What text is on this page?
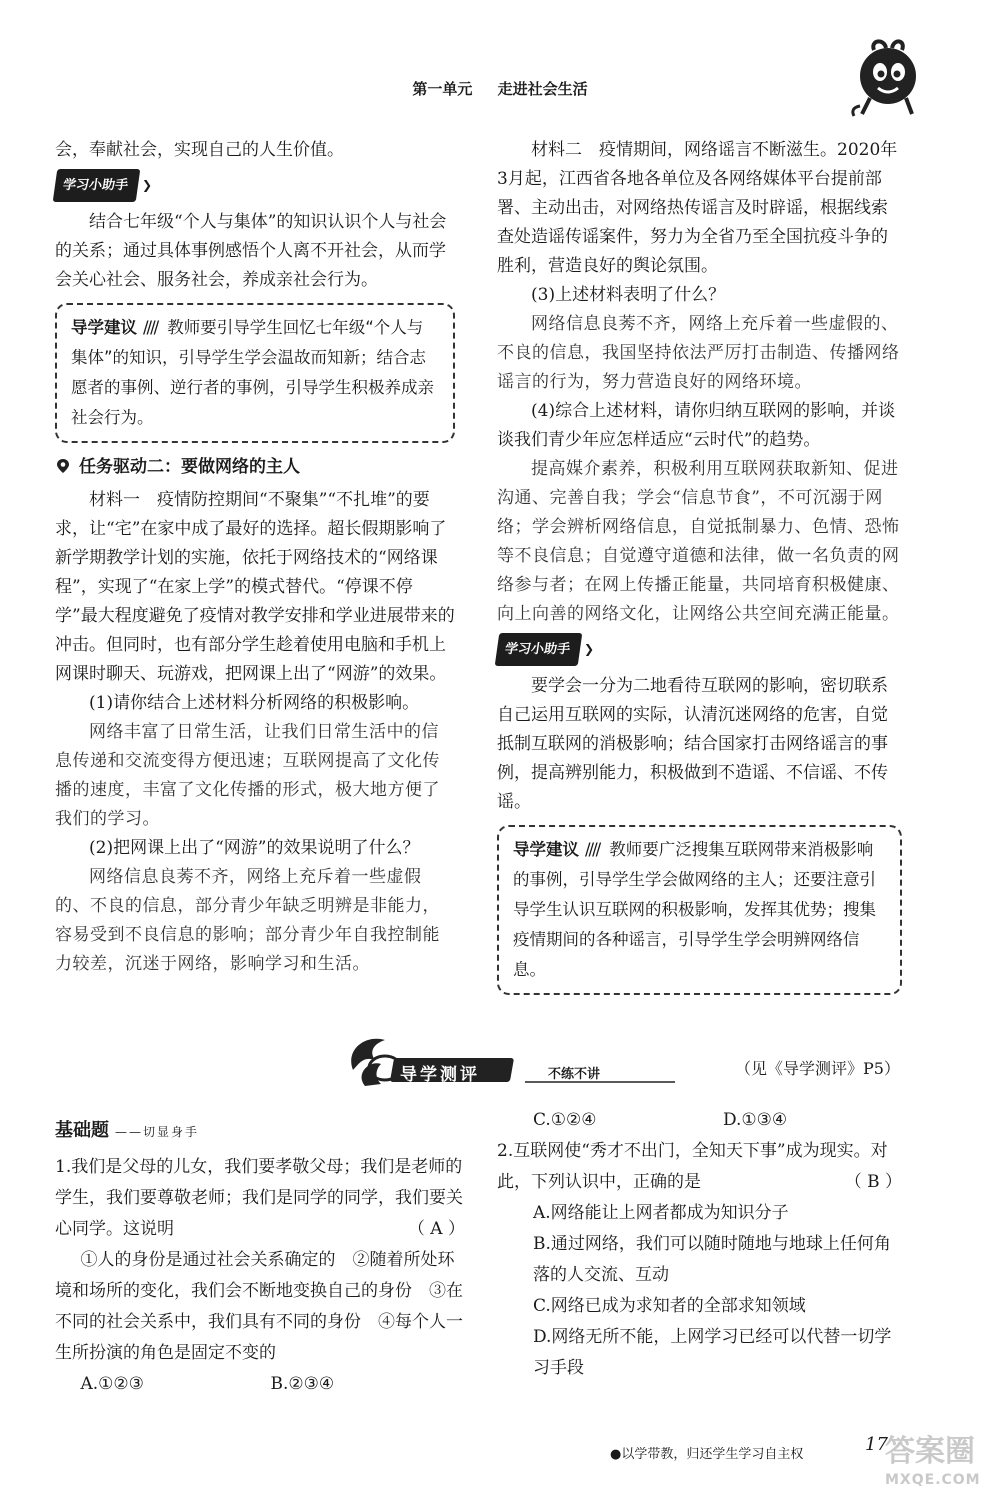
第一单元 走进社会生活

会，奉献社会，实现自己的人生价值。

学习小助手 ❯

结合七年级“个人与集体”的知识认识个人与社会的关系；通过具体事例感悟个人离不开社会，从而学会关心社会、服务社会，养成亲社会行为。

导学建议 //// 教师要引导学生回忆七年级“个人与集体”的知识，引导学生学会温故而知新；结合志愿者的事例、逆行者的事例，引导学生积极养成亲社会行为。
任务驱动二：要做网络的主人

材料一　疫情防控期间“不聚集”“不扎堆”的要求，让“宅”在家中成了最好的选择。超长假期影响了新学期教学计划的实施，依托于网络技术的“网络课程”，实现了“在家上学”的模式替代。“停课不停学”最大程度避免了疫情对教学安排和学业进展带来的冲击。但同时，也有部分学生趁着使用电脑和手机上网课时聊天、玩游戏，把网课上出了“网游”的效果。

(1)请你结合上述材料分析网络的积极影响。

网络丰富了日常生活，让我们日常生活中的信息传递和交流变得方便迅速；互联网提高了文化传播的速度，丰富了文化传播的形式，极大地方便了我们的学习。

(2)把网课上出了“网游”的效果说明了什么？

网络信息良莠不齐，网络上充斥着一些虚假的、不良的信息，部分青少年缺乏明辨是非能力，容易受到不良信息的影响；部分青少年自我控制能力较差，沉迷于网络，影响学习和生活。

材料二　疫情期间，网络谣言不断滋生。2020年3月起，江西省各地各单位及各网络媒体平台提前部署、主动出击，对网络热传谣言及时辟谣，根据线索查处造谣传谣案件，努力为全省乃至全国抗疫斗争的胜利，营造良好的舆论氛围。

(3)上述材料表明了什么？

网络信息良莠不齐，网络上充斥着一些虚假的、不良的信息，我国坚持依法严厉打击制造、传播网络谣言的行为，努力营造良好的网络环境。

(4)综合上述材料，请你归纳互联网的影响，并谈谈我们青少年应怎样适应“云时代”的趋势。

提高媒介素养，积极利用互联网获取新知、促进沟通、完善自我；学会“信息节食”，不可沉溺于网络；学会辨析网络信息，自觉抵制暴力、色情、恐怖等不良信息；自觉遵守道德和法律，做一名负责的网络参与者；在网上传播正能量，共同培育积极健康、向上向善的网络文化，让网络公共空间充满正能量。

学习小助手 ❯

要学会一分为二地看待互联网的影响，密切联系自己运用互联网的实际，认清沉迷网络的危害，自觉抵制互联网的消极影响；结合国家打击网络谣言的事例，提高辨别能力，积极做到不造谣、不信谣、不传谣。

导学建议 //// 教师要广泛搜集互联网带来消极影响的事例，引导学生学会做网络的主人；还要注意引导学生认识互联网的积极影响，发挥其优势；搜集疫情期间的各种谣言，引导学生学会明辨网络信息。
导学测评	不练不讲	（见《导学测评》P5）
基础题 ——切显身手

1.我们是父母的儿女，我们要孝敬父母；我们是老师的学生，我们要尊敬老师；我们是同学的同学，我们要关心同学。这说明	（ A ）

①人的身份是通过社会关系确定的　②随着所处环境和场所的变化，我们会不断地变换自己的身份　③在不同的社会关系中，我们具有不同的身份　④每个人一生所扮演的角色是固定不变的

A.①②③	B.②③④

C.①②④	D.①③④

2.互联网使“秀才不出门，全知天下事”成为现实。对此，下列认识中，正确的是	（ B ）

A.网络能让上网者都成为知识分子

B.通过网络，我们可以随时随地与地球上任何角落的人交流、互动

C.网络已成为求知者的全部求知领域

D.网络无所不能，上网学习已经可以代替一切学习手段

●以学带教，归还学生学习自主权	17
答案圈
MXQE.COM
